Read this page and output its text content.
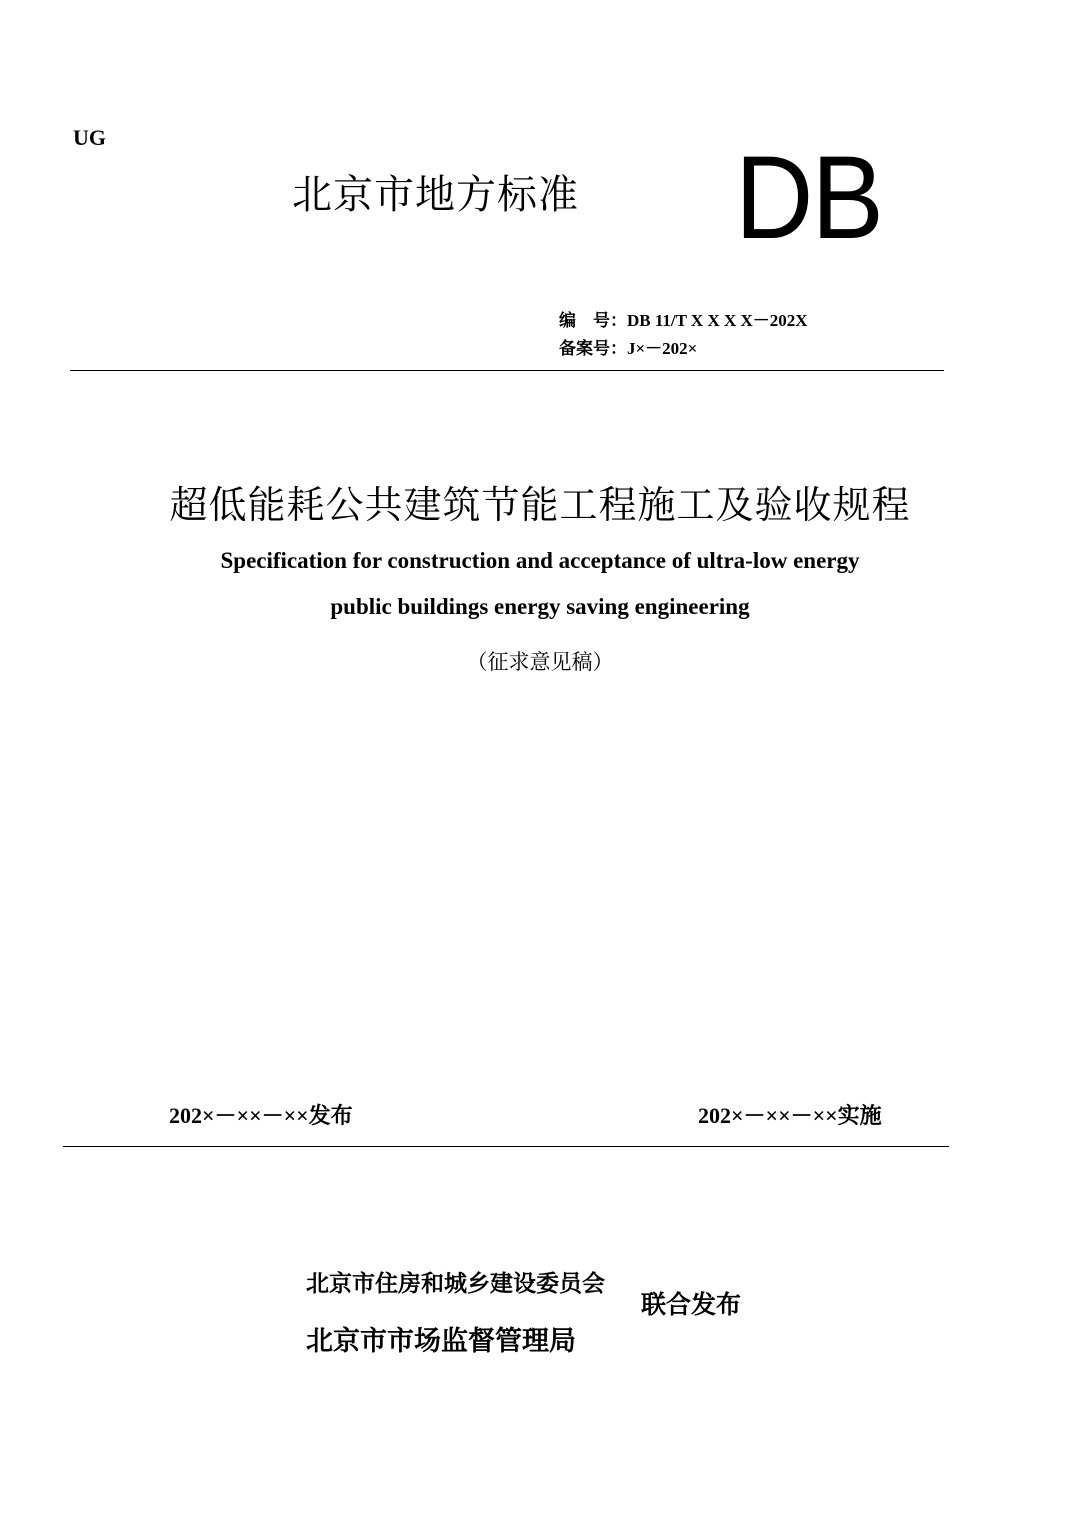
UG
北京市地方标准 DB
编　号：DB 11/T X X X X－202X
备案号：J×－202×
超低能耗公共建筑节能工程施工及验收规程
Specification for construction and acceptance of ultra-low energy
public buildings energy saving engineering
（征求意见稿）
202×－××－××发布	202×－××－××实施
北京市住房和城乡建设委员会
北京市市场监督管理局
联合发布
